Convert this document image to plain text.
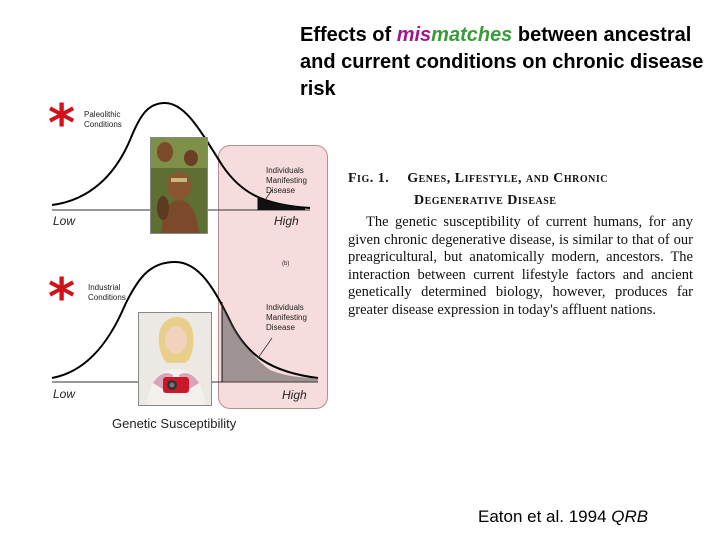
Effects of mismatches between ancestral and current conditions on chronic disease risk
* Paleolithic
Conditions
Individuals
Manifesting
Disease
Low	High
(b)
* Industrial
Conditions
Individuals
Manifesting
Disease
Low	High
Genetic Susceptibility
Fig. 1. Genes, Lifestyle, and Chronic
Degenerative Disease
The genetic susceptibility of current humans, for any given chronic degenerative disease, is similar to that of our preagricultural, but anatomically modern, ancestors. The interaction between current lifestyle factors and ancient genetically determined biology, however, produces far greater disease expression in today's affluent nations.
Eaton et al. 1994 QRB
